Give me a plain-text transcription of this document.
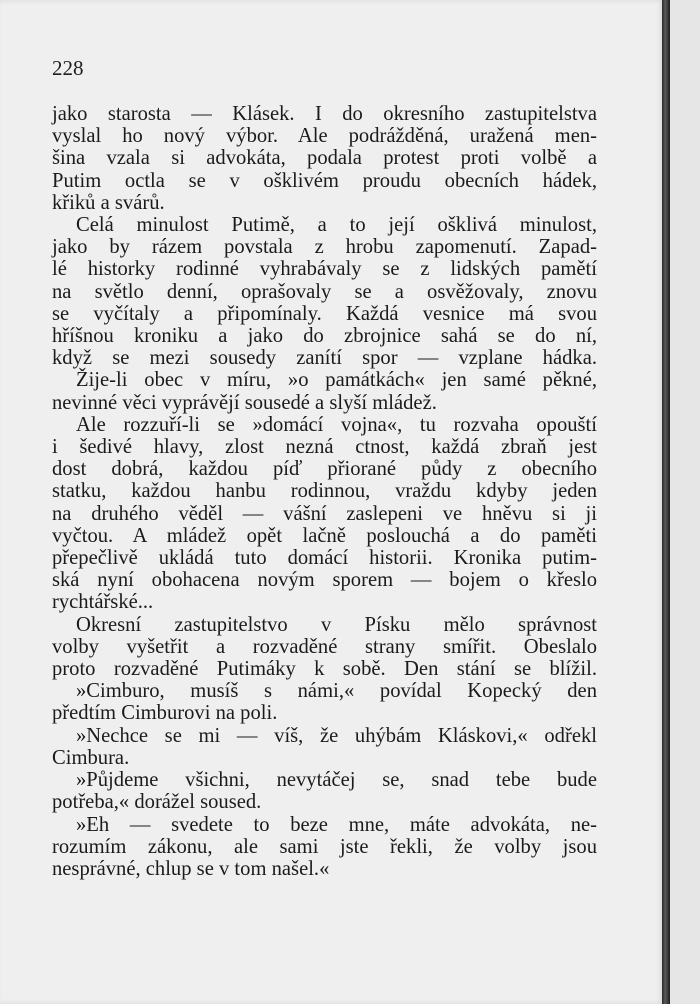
228
jako starosta — Klásek. I do okresního zastupitelstva
vyslal ho nový výbor. Ale podrážděná, uražená men-
šina vzala si advokáta, podala protest proti volbě a
Putim octla se v ošklivém proudu obecních hádek,
křiků a svárů.
Celá minulost Putimě, a to její ošklivá minulost,
jako by rázem povstala z hrobu zapomenutí. Zapad-
lé historky rodinné vyhrabávaly se z lidských pamětí
na světlo denní, oprašovaly se a osvěžovaly, znovu
se vyčítaly a připomínaly. Každá vesnice má svou
hříšnou kroniku a jako do zbrojnice sahá se do ní,
když se mezi sousedy zanítí spor — vzplane hádka.
Žije-li obec v míru, »o památkách« jen samé pěkné,
nevinné věci vyprávějí sousedé a slyší mládež.
Ale rozzuří-li se »domácí vojna«, tu rozvaha opouští
i šedivé hlavy, zlost nezná ctnost, každá zbraň jest
dost dobrá, každou píď přiorané půdy z obecního
statku, každou hanbu rodinnou, vraždu kdyby jeden
na druhého věděl — vášní zaslepeni ve hněvu si ji
vyčtou. A mládež opět lačně poslouchá a do paměti
přepečlivě ukládá tuto domácí historii. Kronika putim-
ská nyní obohacena novým sporem — bojem o křeslo
rychtářské...
Okresní zastupitelstvo v Písku mělo správnost
volby vyšetřit a rozvaděné strany smířit. Obeslalo
proto rozvaděné Putimáky k sobě. Den stání se blížil.
»Cimburo, musíš s námi,« povídal Kopecký den
předtím Cimburovi na poli.
»Nechce se mi — víš, že uhýbám Kláskovi,« odřekl
Cimbura.
»Půjdeme všichni, nevytáčej se, snad tebe bude
potřeba,« dorážel soused.
»Eh — svedete to beze mne, máte advokáta, ne-
rozumím zákonu, ale sami jste řekli, že volby jsou
nesprávné, chlup se v tom našel.«
